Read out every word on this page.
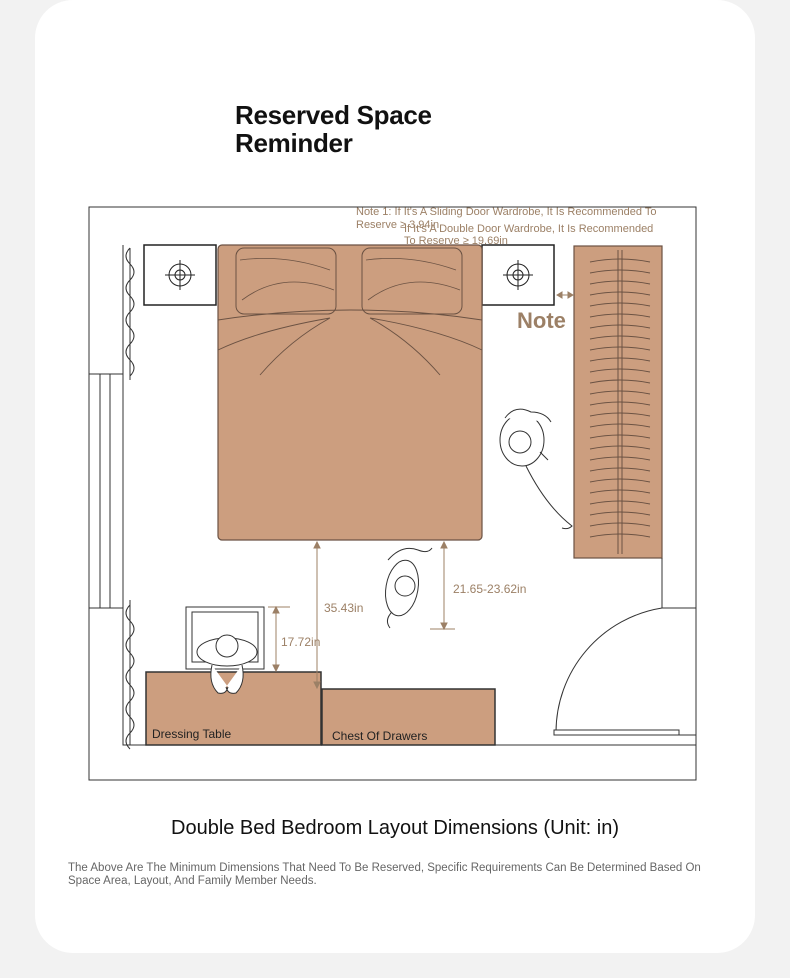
Reserved Space
Reminder
Note 1: If It's A Sliding Door Wardrobe, It Is Recommended To
Reserve ≥ 3.94in
If It's A Double Door Wardrobe, It Is Recommended
To Reserve ≥ 19.69in
Note
17.72in
35.43in
21.65-23.62in
Dressing Table	Chest Of Drawers
Double Bed Bedroom Layout Dimensions (Unit: in)
The Above Are The Minimum Dimensions That Need To Be Reserved, Specific Requirements Can Be Determined Based On Space Area, Layout, And Family Member Needs.
